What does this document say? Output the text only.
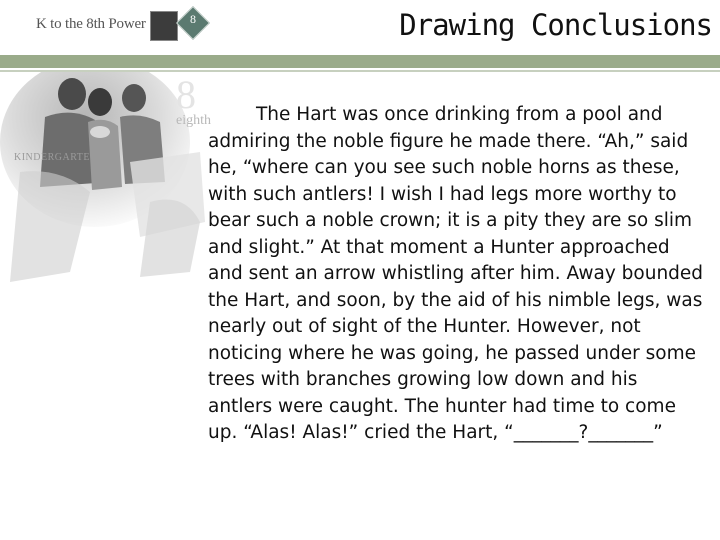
K to the 8th Power	8	Drawing Conclusions
8
KINDERGARTEN
eighth	The Hart was once drinking from a pool and admiring the noble figure he made there. “Ah,” said he, “where can you see such noble horns as these, with such antlers! I wish I had legs more worthy to bear such a noble crown; it is a pity they are so slim and slight.” At that moment a Hunter approached and sent an arrow whistling after him. Away bounded the Hart, and soon, by the aid of his nimble legs, was nearly out of sight of the Hunter. However, not noticing where he was going, he passed under some trees with branches growing low down and his antlers were caught. The hunter had time to come up. “Alas! Alas!” cried the Hart, “_______?_______”
